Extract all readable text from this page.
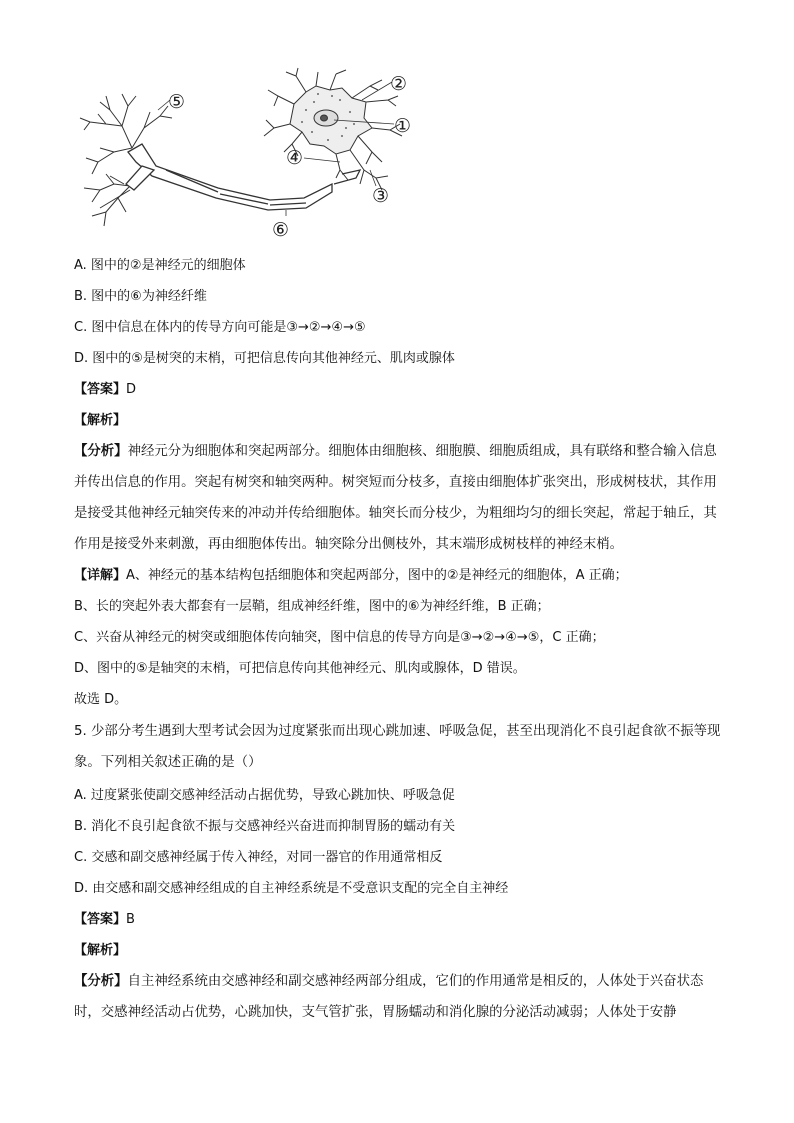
⑤
②
①
④
③
⑥
A. 图中的②是神经元的细胞体
B. 图中的⑥为神经纤维
C. 图中信息在体内的传导方向可能是③→②→④→⑤
D. 图中的⑤是树突的末梢，可把信息传向其他神经元、肌肉或腺体
【答案】D
【解析】
【分析】神经元分为细胞体和突起两部分。细胞体由细胞核、细胞膜、细胞质组成，具有联络和整合输入信息并传出信息的作用。突起有树突和轴突两种。树突短而分枝多，直接由细胞体扩张突出，形成树枝状，其作用是接受其他神经元轴突传来的冲动并传给细胞体。轴突长而分枝少，为粗细均匀的细长突起，常起于轴丘，其作用是接受外来刺激，再由细胞体传出。轴突除分出侧枝外，其末端形成树枝样的神经末梢。
【详解】A、神经元的基本结构包括细胞体和突起两部分，图中的②是神经元的细胞体，A 正确；
B、长的突起外表大都套有一层鞘，组成神经纤维，图中的⑥为神经纤维，B 正确；
C、兴奋从神经元的树突或细胞体传向轴突，图中信息的传导方向是③→②→④→⑤，C 正确；
D、图中的⑤是轴突的末梢，可把信息传向其他神经元、肌肉或腺体，D 错误。
故选 D。
5. 少部分考生遇到大型考试会因为过度紧张而出现心跳加速、呼吸急促，甚至出现消化不良引起食欲不振等现象。下列相关叙述正确的是（）
A. 过度紧张使副交感神经活动占据优势，导致心跳加快、呼吸急促
B. 消化不良引起食欲不振与交感神经兴奋进而抑制胃肠的蠕动有关
C. 交感和副交感神经属于传入神经，对同一器官的作用通常相反
D. 由交感和副交感神经组成的自主神经系统是不受意识支配的完全自主神经
【答案】B
【解析】
【分析】自主神经系统由交感神经和副交感神经两部分组成，它们的作用通常是相反的，人体处于兴奋状态时，交感神经活动占优势，心跳加快，支气管扩张，胃肠蠕动和消化腺的分泌活动减弱；人体处于安静
